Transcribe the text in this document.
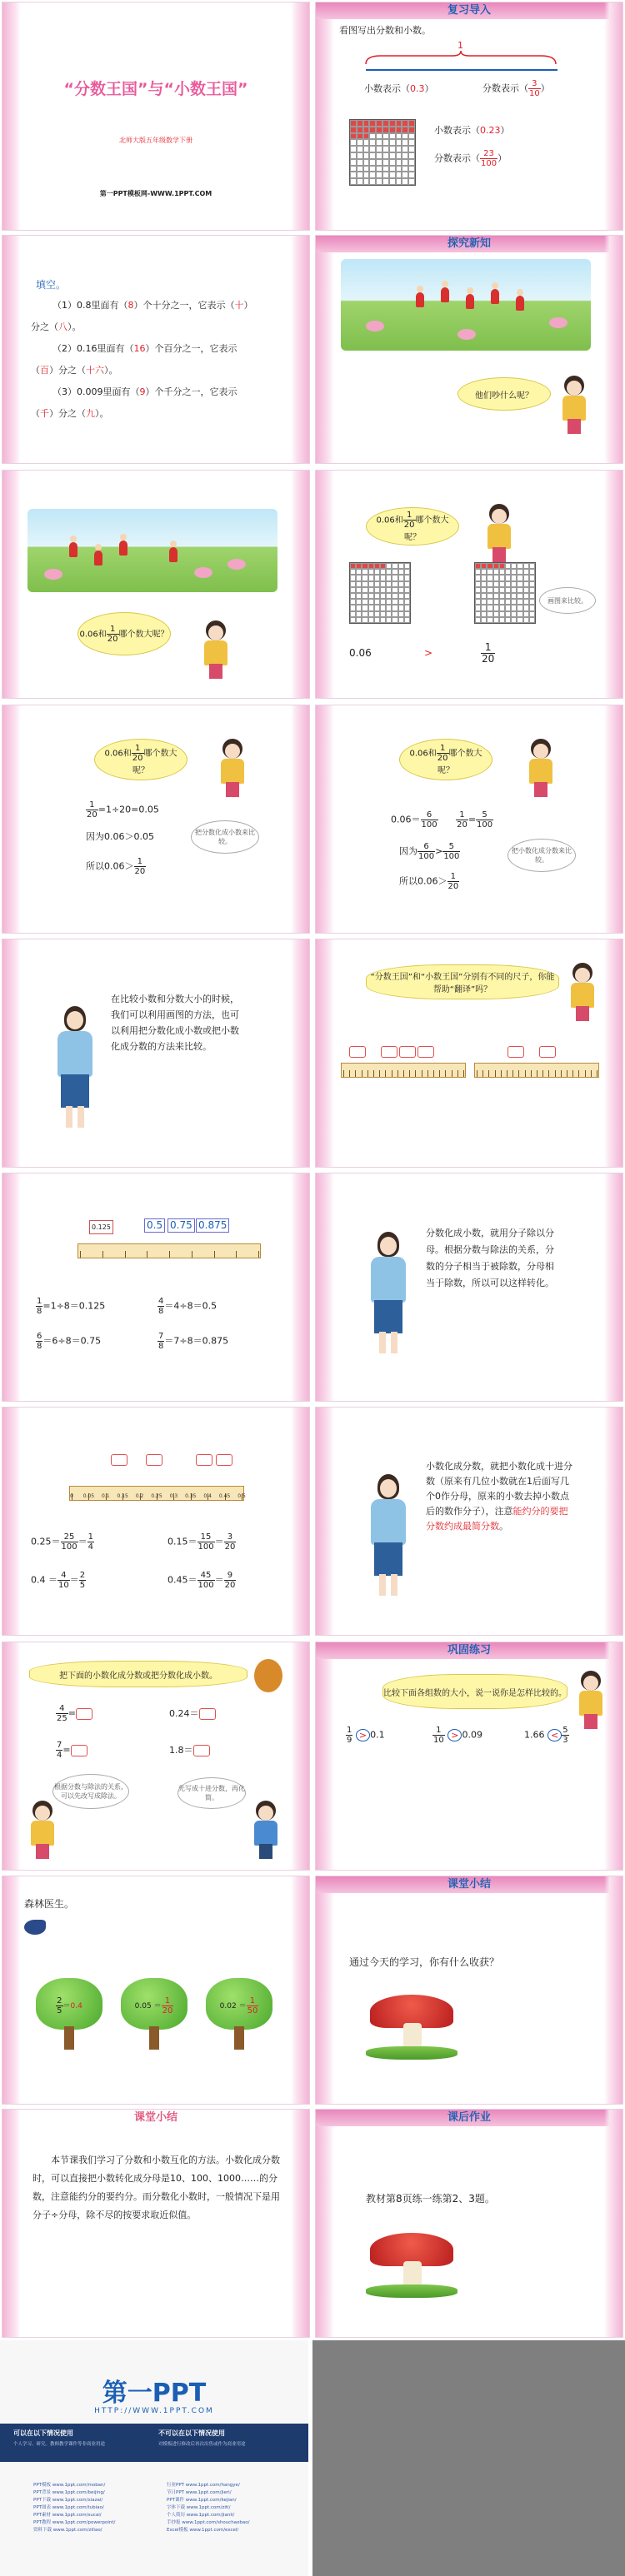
“分数王国”与“小数王国”
北师大版五年级数学下册
第一PPT模板网-WWW.1PPT.COM
复习导入
看图写出分数和小数。
1
小数表示（0.3）	分数表示（ $\frac{3}{10}$ ）
小数表示（0.23）
分数表示（ $\frac{23}{100}$ ）
填空。
（1）0.8里面有（8）个十分之一，它表示（十）
分之（八）。
（2）0.16里面有（16）个百分之一，它表示
（百）分之（十六）。
（3）0.009里面有（9）个千分之一，它表示
（千）分之（九）。
探究新知
他们吵什么呢？
0.06和 $\frac{1}{20}$ 哪个数大呢？
0.06和 $\frac{1}{20}$ 哪个数大
呢？
画图来比较。
0.06	>	$\frac{1}{20}$
0.06和 $\frac{1}{20}$ 哪个数大
呢？
$\frac{1}{20} =1\div 20=0.05$
因为0.06＞0.05
所以$0.06> \frac{1}{20}$
把分数化成小数来比较。
0.06和 $\frac{1}{20}$ 哪个数大
呢？
$0.06= \frac{6}{100}$
$\frac{1}{20} = \frac{5}{100}$
因为 $\frac{6}{100} > \frac{5}{100}$
所以$0.06> \frac{1}{20}$
把小数化成分数来比较。
在比较小数和分数大小的时候，我们可以利用画图的方法，也可以利用把分数化成小数或把小数化成分数的方法来比较。
“分数王国”和“小数王国”分别有不同的尺子，你能帮助“翻译”吗？
0.125	0.5 0.75 0.875
$\frac{1}{8} =1\div 8=0.125$	$\frac{4}{8} =4\div 8=0.5$
$\frac{6}{8} =6\div 8=0.75$	$\frac{7}{8} =7\div 8=0.875$
分数化成小数，就用分子除以分母。根据分数与除法的关系，分数的分子相当于被除数，分母相当于除数，所以可以这样转化。
0 0.05 0.1 0.15 0.2 0.25 0.3 0.35 0.4 0.45 0.5
$0.25= \frac{25}{100} = \frac{1}{4}$	$0.15= \frac{15}{100} = \frac{3}{20}$
$0.4 = \frac{4}{10} = \frac{2}{5}$	$0.45= \frac{45}{100} = \frac{9}{20}$
小数化成分数，就把小数化成十进分数（原来有几位小数就在1后面写几个0作分母，原来的小数去掉小数点后的数作分子），注意能约分的要把分数约成最简分数。
把下面的小数化成分数或把分数化成小数。
$\frac{4}{25}$ =	0.24＝
$\frac{7}{4}$ =	1.8＝
根据分数与除法的关系，可以先改写成除法。
先写成十进分数，再化简。
巩固练习
比较下面各组数的大小，说一说你是怎样比较的。
$\frac{1}{9} > 0.1$	$\frac{1}{10} > 0.09$	$1.66 < \frac{5}{3}$
森林医生。
$\frac{2}{5} =0.4$	$0.05 = \frac{1}{20}$	$0.02 = \frac{1}{50}$
课堂小结
通过今天的学习，你有什么收获？
课堂小结
本节课我们学习了分数和小数互化的方法。小数化成分数时，可以直接把小数转化成分母是10、100、1000……的分数，注意能约分的要约分。而分数化小数时，一般情况下是用分子÷分母，除不尽的按要求取近似值。
课后作业
教材第8页练一练第2、3题。
第一PPT
HTTP://WWW.1PPT.COM
可以在以下情况使用
个人学习、研究。教师教学课件等非商业用途
不可以在以下情况使用
对模板进行修改后再次出售或作为商业用途
PPT模板 www.1ppt.com/moban/
PPT背景 www.1ppt.com/beijing/
PPT下载 www.1ppt.com/xiazai/
PPT图表 www.1ppt.com/tubiao/
PPT素材 www.1ppt.com/sucai/
PPT教程 www.1ppt.com/powerpoint/
资料下载 www.1ppt.com/ziliao/
行业PPT www.1ppt.com/hangye/
节日PPT www.1ppt.com/jieri/
PPT课件 www.1ppt.com/kejian/
字体下载 www.1ppt.com/ziti/
个人简历 www.1ppt.com/jianli/
手抄报 www.1ppt.com/shouchaobao/
Excel模板 www.1ppt.com/excel/
